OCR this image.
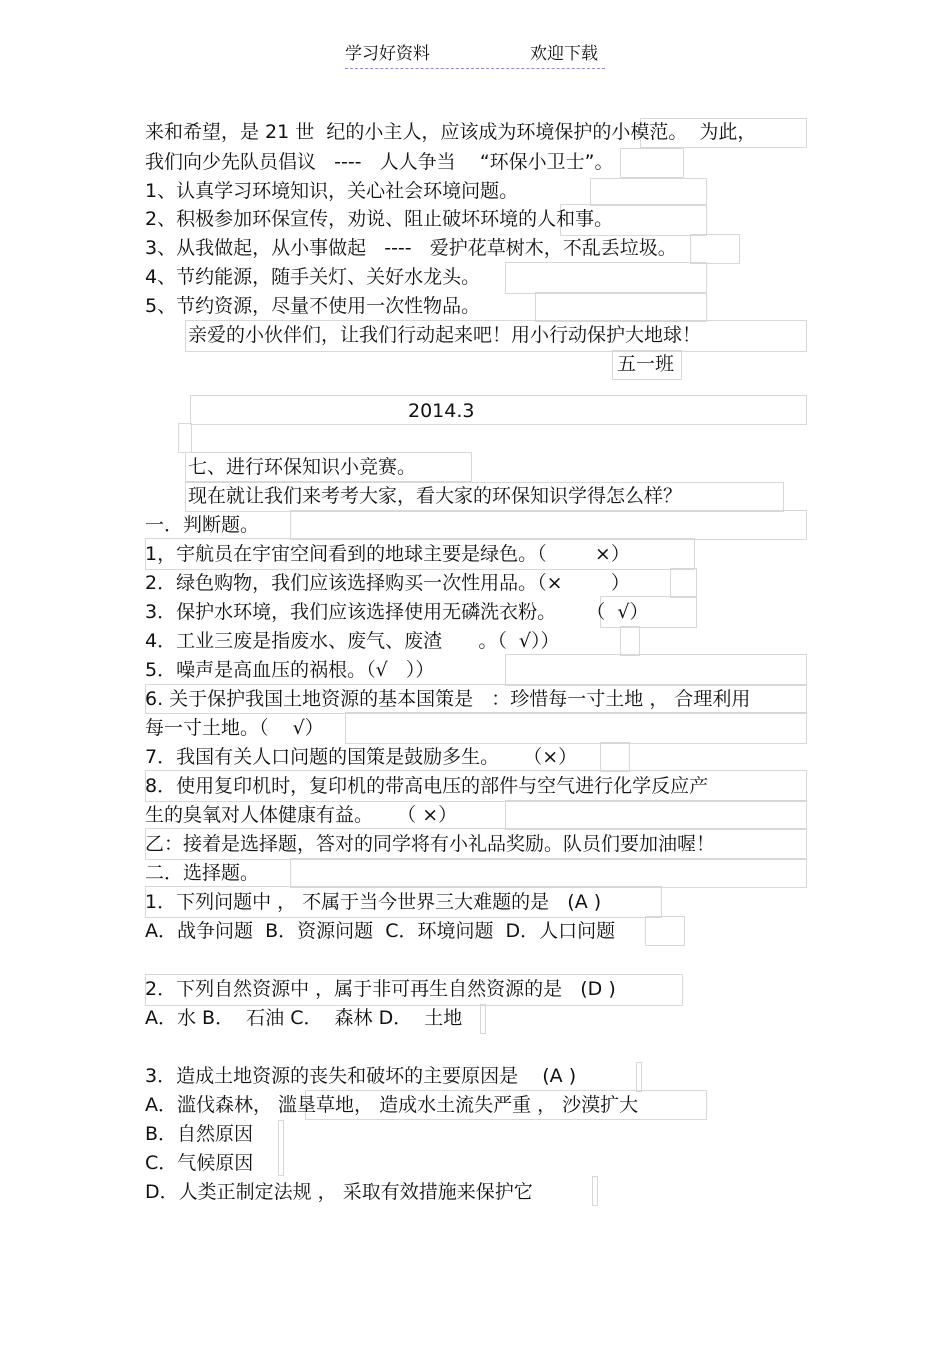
学习好资料	欢迎下载
来和希望，是 21 世  纪的小主人，应该成为环境保护的小模范。  为此，
我们向少先队员倡议   ----   人人争当    “环保小卫士”。
1、认真学习环境知识，关心社会环境问题。
2、积极参加环保宣传，劝说、阻止破坏环境的人和事。
3、从我做起，从小事做起   ----   爱护花草树木，不乱丢垃圾。
4、节约能源，随手关灯、关好水龙头。
5、节约资源，尽量不使用一次性物品。
亲爱的小伙伴们，让我们行动起来吧！用小行动保护大地球！
五一班
2014.3
七、进行环保知识小竞赛。
现在就让我们来考考大家，看大家的环保知识学得怎么样？
一．判断题。
1，宇航员在宇宙空间看到的地球主要是绿色。（        ×）
2．绿色购物，我们应该选择购买一次性用品。（×        ）
3．保护水环境，我们应该选择使用无磷洗衣粉。     （  √）
4．工业三废是指废水、废气、废渣      。（  √））
5．噪声是高血压的祸根。（√   ））
6. 关于保护我国土地资源的基本国策是   ：珍惜每一寸土地 ， 合理利用
每一寸土地。（    √）
7．我国有关人口问题的国策是鼓励多生。    （×）
8．使用复印机时，复印机的带高电压的部件与空气进行化学反应产
生的臭氧对人体健康有益。    （ ×）
乙：接着是选择题，答对的同学将有小礼品奖励。队员们要加油喔！
二．选择题。
1．下列问题中 ， 不属于当今世界三大难题的是   (A )
A．战争问题  B．资源问题  C．环境问题  D．人口问题
2．下列自然资源中 ，属于非可再生自然资源的是   (D )
A．水 B．  石油 C．  森林 D．  土地
3．造成土地资源的丧失和破坏的主要原因是    (A )
A．滥伐森林， 滥垦草地， 造成水土流失严重 ， 沙漠扩大
B．自然原因
C．气候原因
D．人类正制定法规 ， 采取有效措施来保护它
